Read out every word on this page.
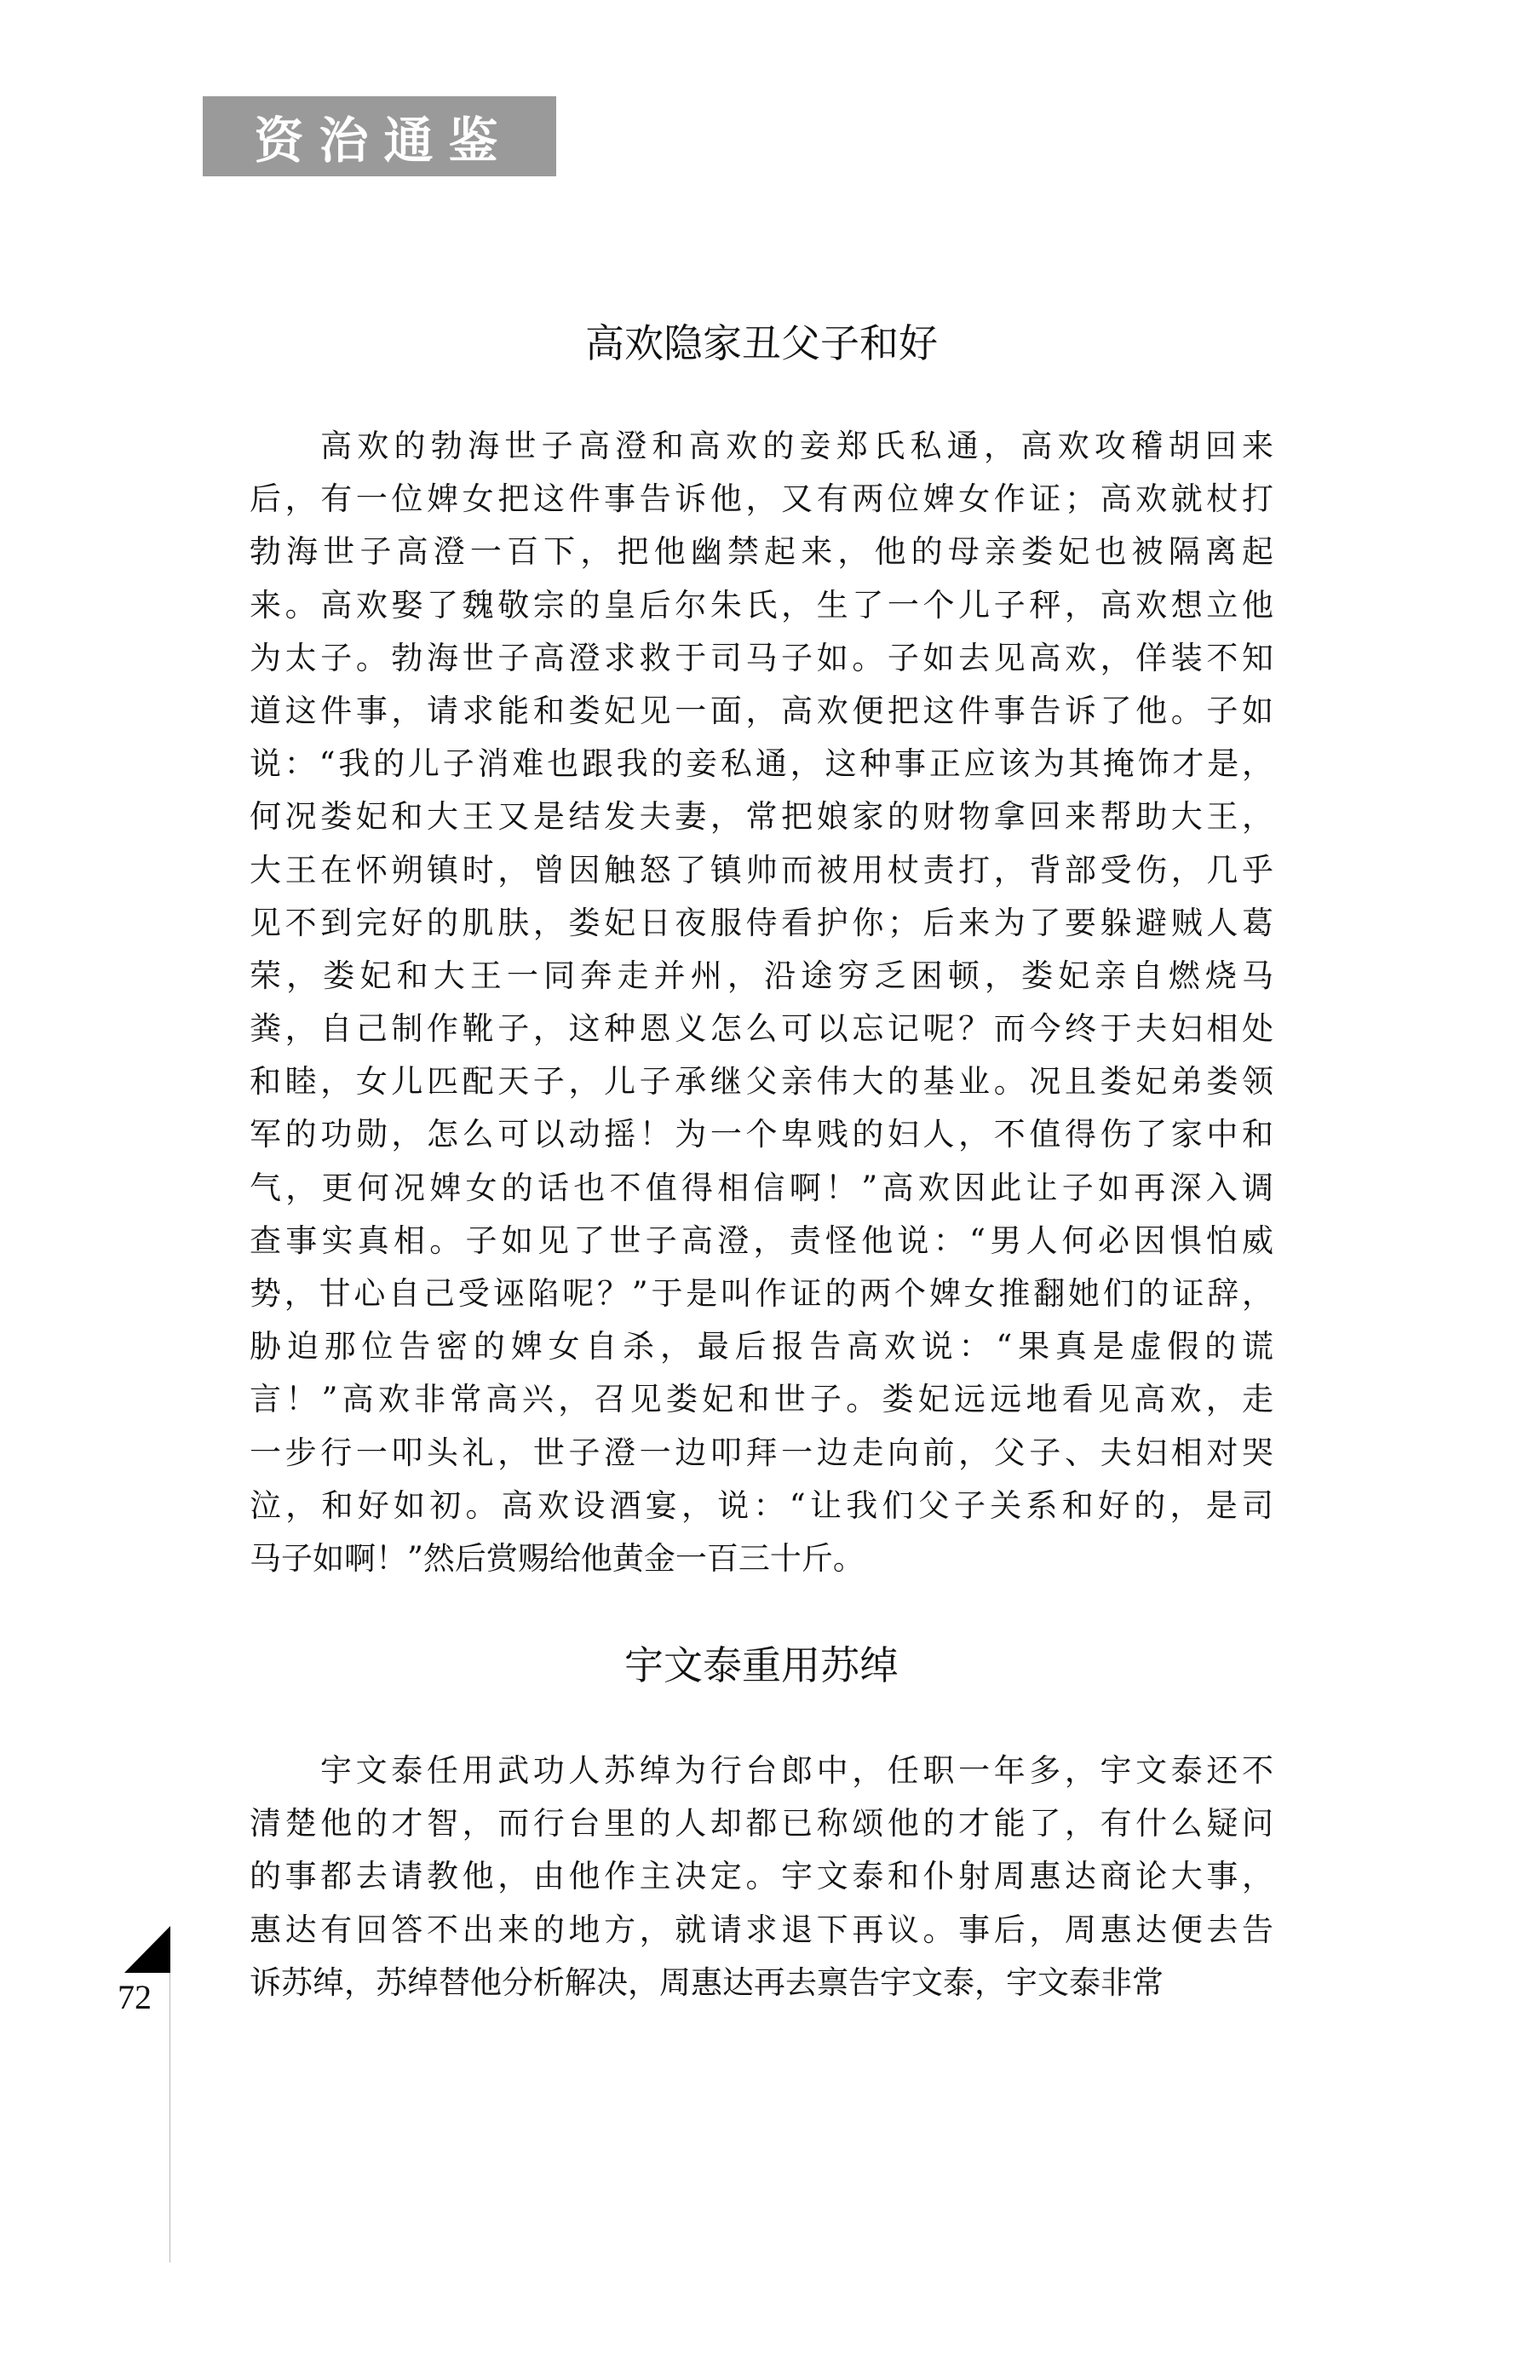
资治通鉴
高欢隐家丑父子和好
高欢的勃海世子高澄和高欢的妾郑氏私通，高欢攻稽胡回来
后，有一位婢女把这件事告诉他，又有两位婢女作证；高欢就杖打
勃海世子高澄一百下，把他幽禁起来，他的母亲娄妃也被隔离起
来。高欢娶了魏敬宗的皇后尔朱氏，生了一个儿子秤，高欢想立他
为太子。勃海世子高澄求救于司马子如。子如去见高欢，佯装不知
道这件事，请求能和娄妃见一面，高欢便把这件事告诉了他。子如
说：“我的儿子消难也跟我的妾私通，这种事正应该为其掩饰才是，
何况娄妃和大王又是结发夫妻，常把娘家的财物拿回来帮助大王，
大王在怀朔镇时，曾因触怒了镇帅而被用杖责打，背部受伤，几乎
见不到完好的肌肤，娄妃日夜服侍看护你；后来为了要躲避贼人葛
荣，娄妃和大王一同奔走并州，沿途穷乏困顿，娄妃亲自燃烧马
粪，自己制作靴子，这种恩义怎么可以忘记呢？而今终于夫妇相处
和睦，女儿匹配天子，儿子承继父亲伟大的基业。况且娄妃弟娄领
军的功勋，怎么可以动摇！为一个卑贱的妇人，不值得伤了家中和
气，更何况婢女的话也不值得相信啊！”高欢因此让子如再深入调
查事实真相。子如见了世子高澄，责怪他说：“男人何必因惧怕威
势，甘心自己受诬陷呢？”于是叫作证的两个婢女推翻她们的证辞，
胁迫那位告密的婢女自杀，最后报告高欢说：“果真是虚假的谎
言！”高欢非常高兴，召见娄妃和世子。娄妃远远地看见高欢，走
一步行一叩头礼，世子澄一边叩拜一边走向前，父子、夫妇相对哭
泣，和好如初。高欢设酒宴，说：“让我们父子关系和好的，是司
马子如啊！”然后赏赐给他黄金一百三十斤。
宇文泰重用苏绰
宇文泰任用武功人苏绰为行台郎中，任职一年多，宇文泰还不
清楚他的才智，而行台里的人却都已称颂他的才能了，有什么疑问
的事都去请教他，由他作主决定。宇文泰和仆射周惠达商论大事，
惠达有回答不出来的地方，就请求退下再议。事后，周惠达便去告
诉苏绰，苏绰替他分析解决，周惠达再去禀告宇文泰，宇文泰非常
72
